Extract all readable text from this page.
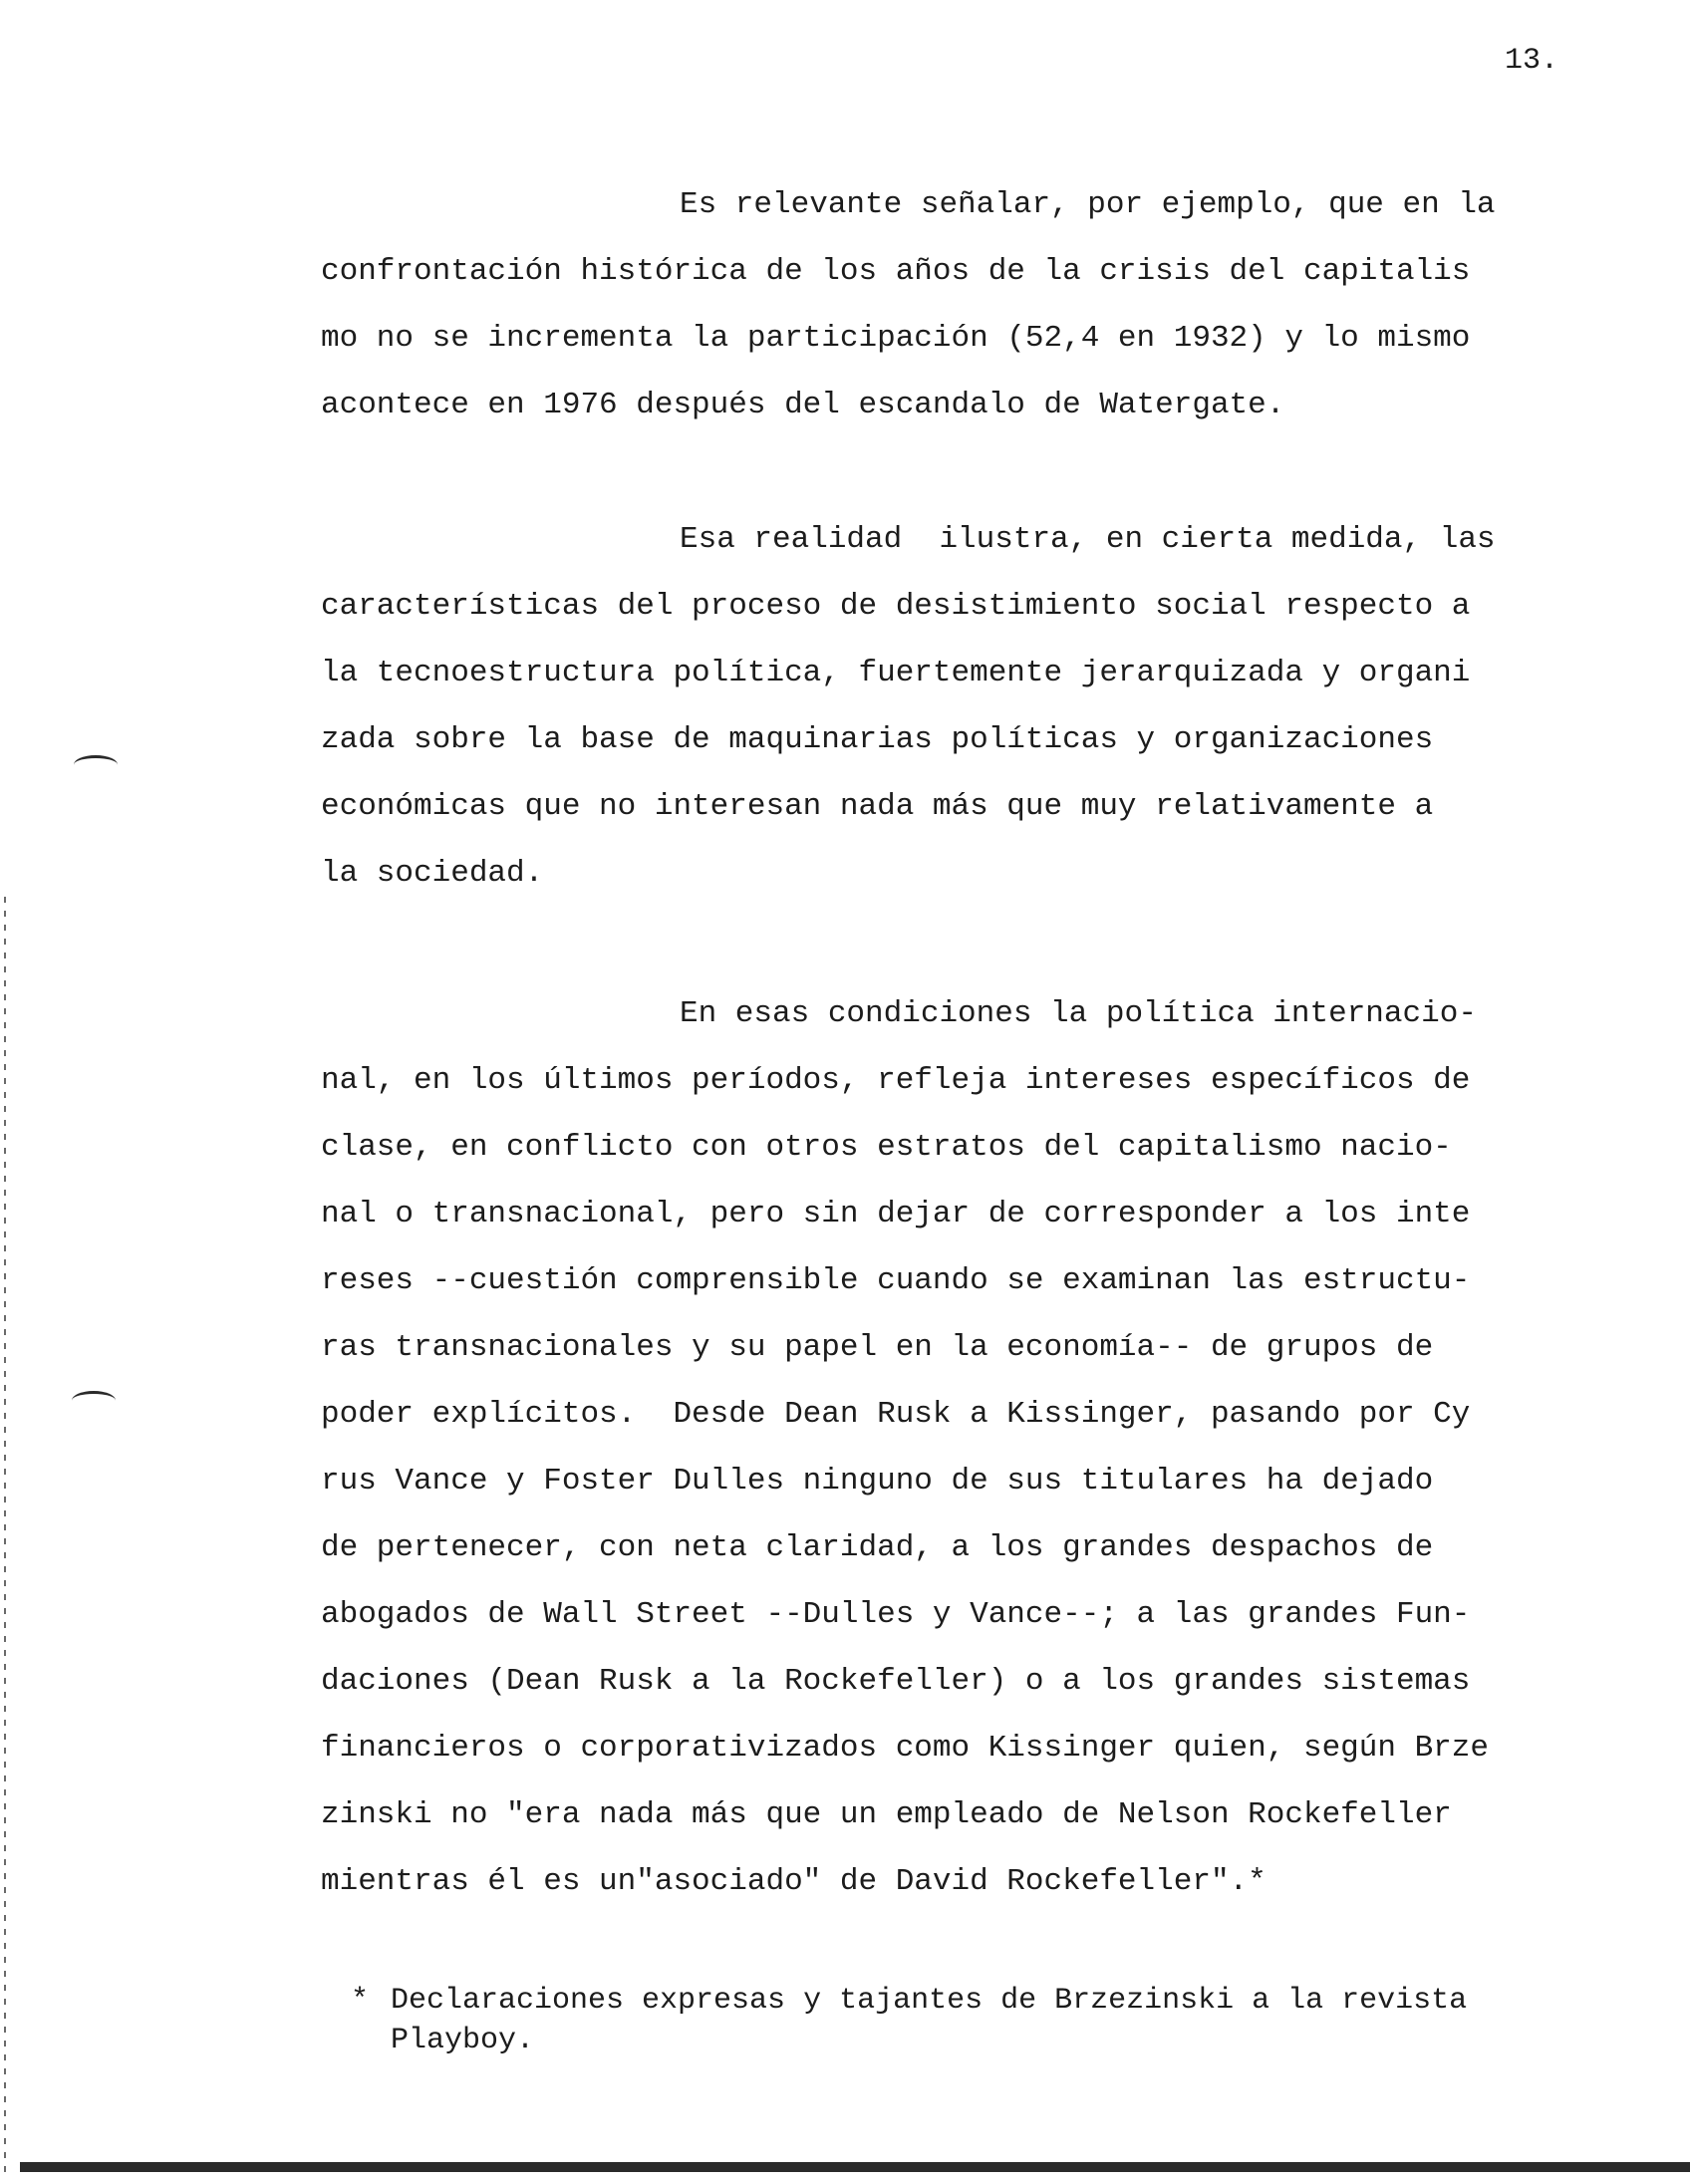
13.
Es relevante señalar, por ejemplo, que en la
confrontación histórica de los años de la crisis del capitalis
mo no se incrementa la participación (52,4 en 1932) y lo mismo
acontece en 1976 después del escandalo de Watergate.
Esa realidad  ilustra, en cierta medida, las
características del proceso de desistimiento social respecto a
la tecnoestructura política, fuertemente jerarquizada y organi
zada sobre la base de maquinarias políticas y organizaciones
económicas que no interesan nada más que muy relativamente a
la sociedad.
En esas condiciones la política internacio-
nal, en los últimos períodos, refleja intereses específicos de
clase, en conflicto con otros estratos del capitalismo nacio-
nal o transnacional, pero sin dejar de corresponder a los inte
reses --cuestión comprensible cuando se examinan las estructu-
ras transnacionales y su papel en la economía-- de grupos de
poder explícitos.  Desde Dean Rusk a Kissinger, pasando por Cy
rus Vance y Foster Dulles ninguno de sus titulares ha dejado
de pertenecer, con neta claridad, a los grandes despachos de
abogados de Wall Street --Dulles y Vance--; a las grandes Fun-
daciones (Dean Rusk a la Rockefeller) o a los grandes sistemas
financieros o corporativizados como Kissinger quien, según Brze
zinski no "era nada más que un empleado de Nelson Rockefeller
mientras él es un"asociado" de David Rockefeller".*
* Declaraciones expresas y tajantes de Brzezinski a la revista
Playboy.
